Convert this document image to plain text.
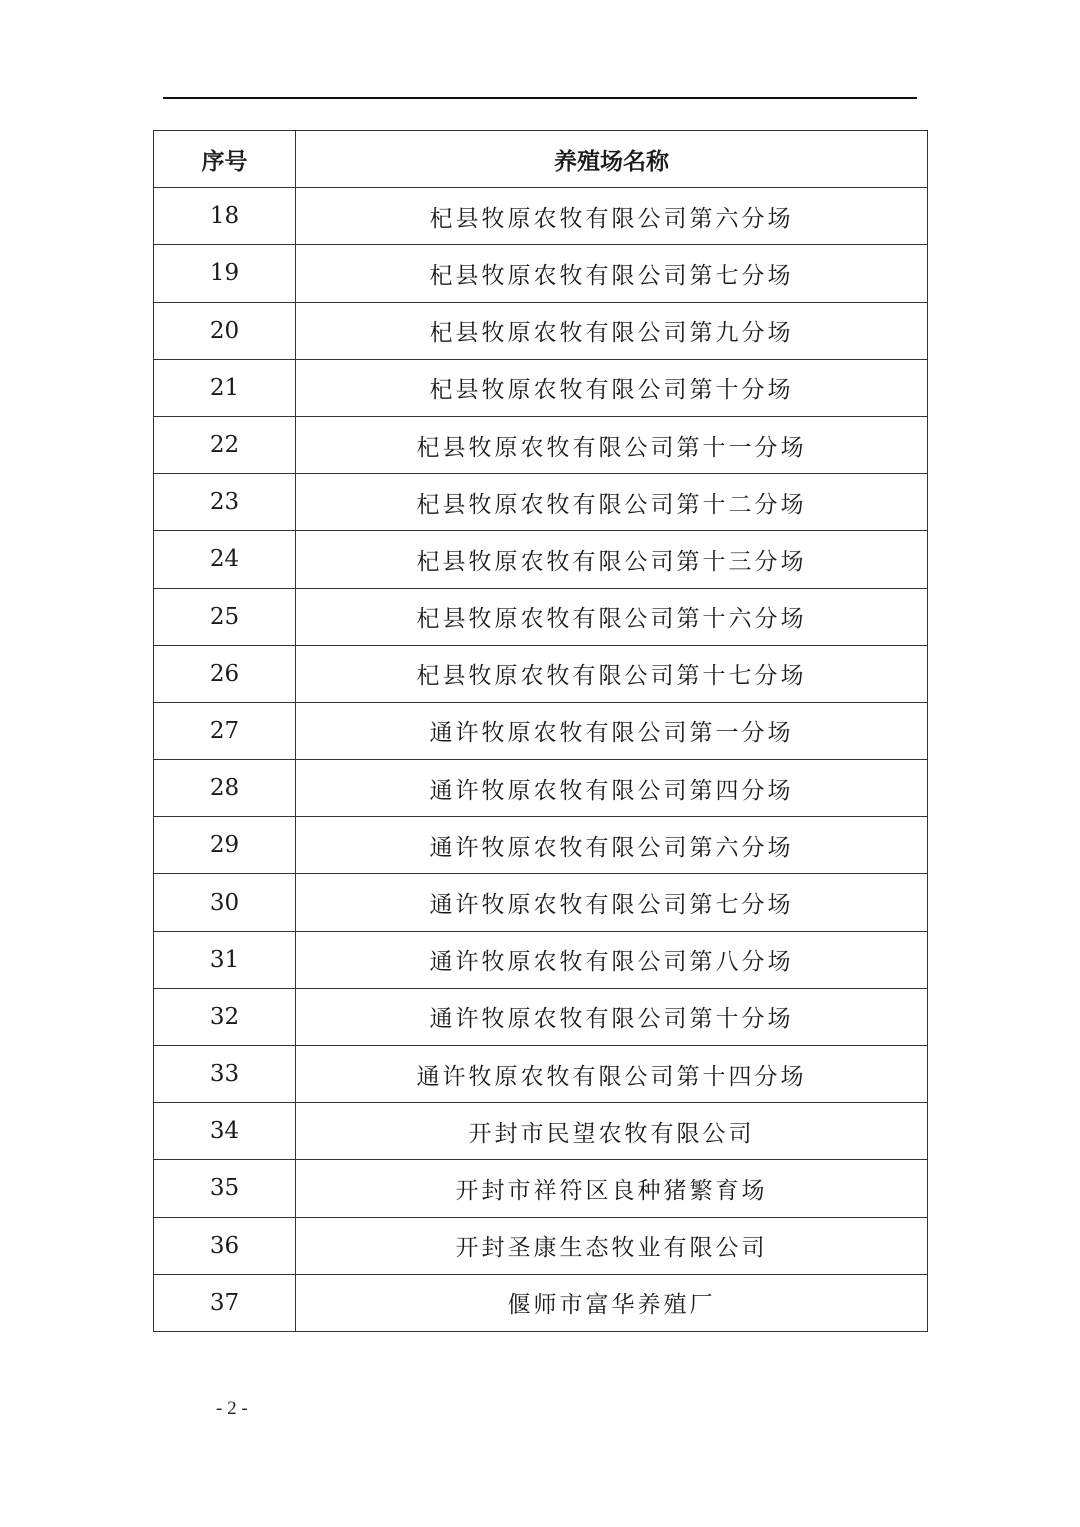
序号	养殖场名称
18	杞县牧原农牧有限公司第六分场
19	杞县牧原农牧有限公司第七分场
20	杞县牧原农牧有限公司第九分场
21	杞县牧原农牧有限公司第十分场
22	杞县牧原农牧有限公司第十一分场
23	杞县牧原农牧有限公司第十二分场
24	杞县牧原农牧有限公司第十三分场
25	杞县牧原农牧有限公司第十六分场
26	杞县牧原农牧有限公司第十七分场
27	通许牧原农牧有限公司第一分场
28	通许牧原农牧有限公司第四分场
29	通许牧原农牧有限公司第六分场
30	通许牧原农牧有限公司第七分场
31	通许牧原农牧有限公司第八分场
32	通许牧原农牧有限公司第十分场
33	通许牧原农牧有限公司第十四分场
34	开封市民望农牧有限公司
35	开封市祥符区良种猪繁育场
36	开封圣康生态牧业有限公司
37	偃师市富华养殖厂
- 2 -
